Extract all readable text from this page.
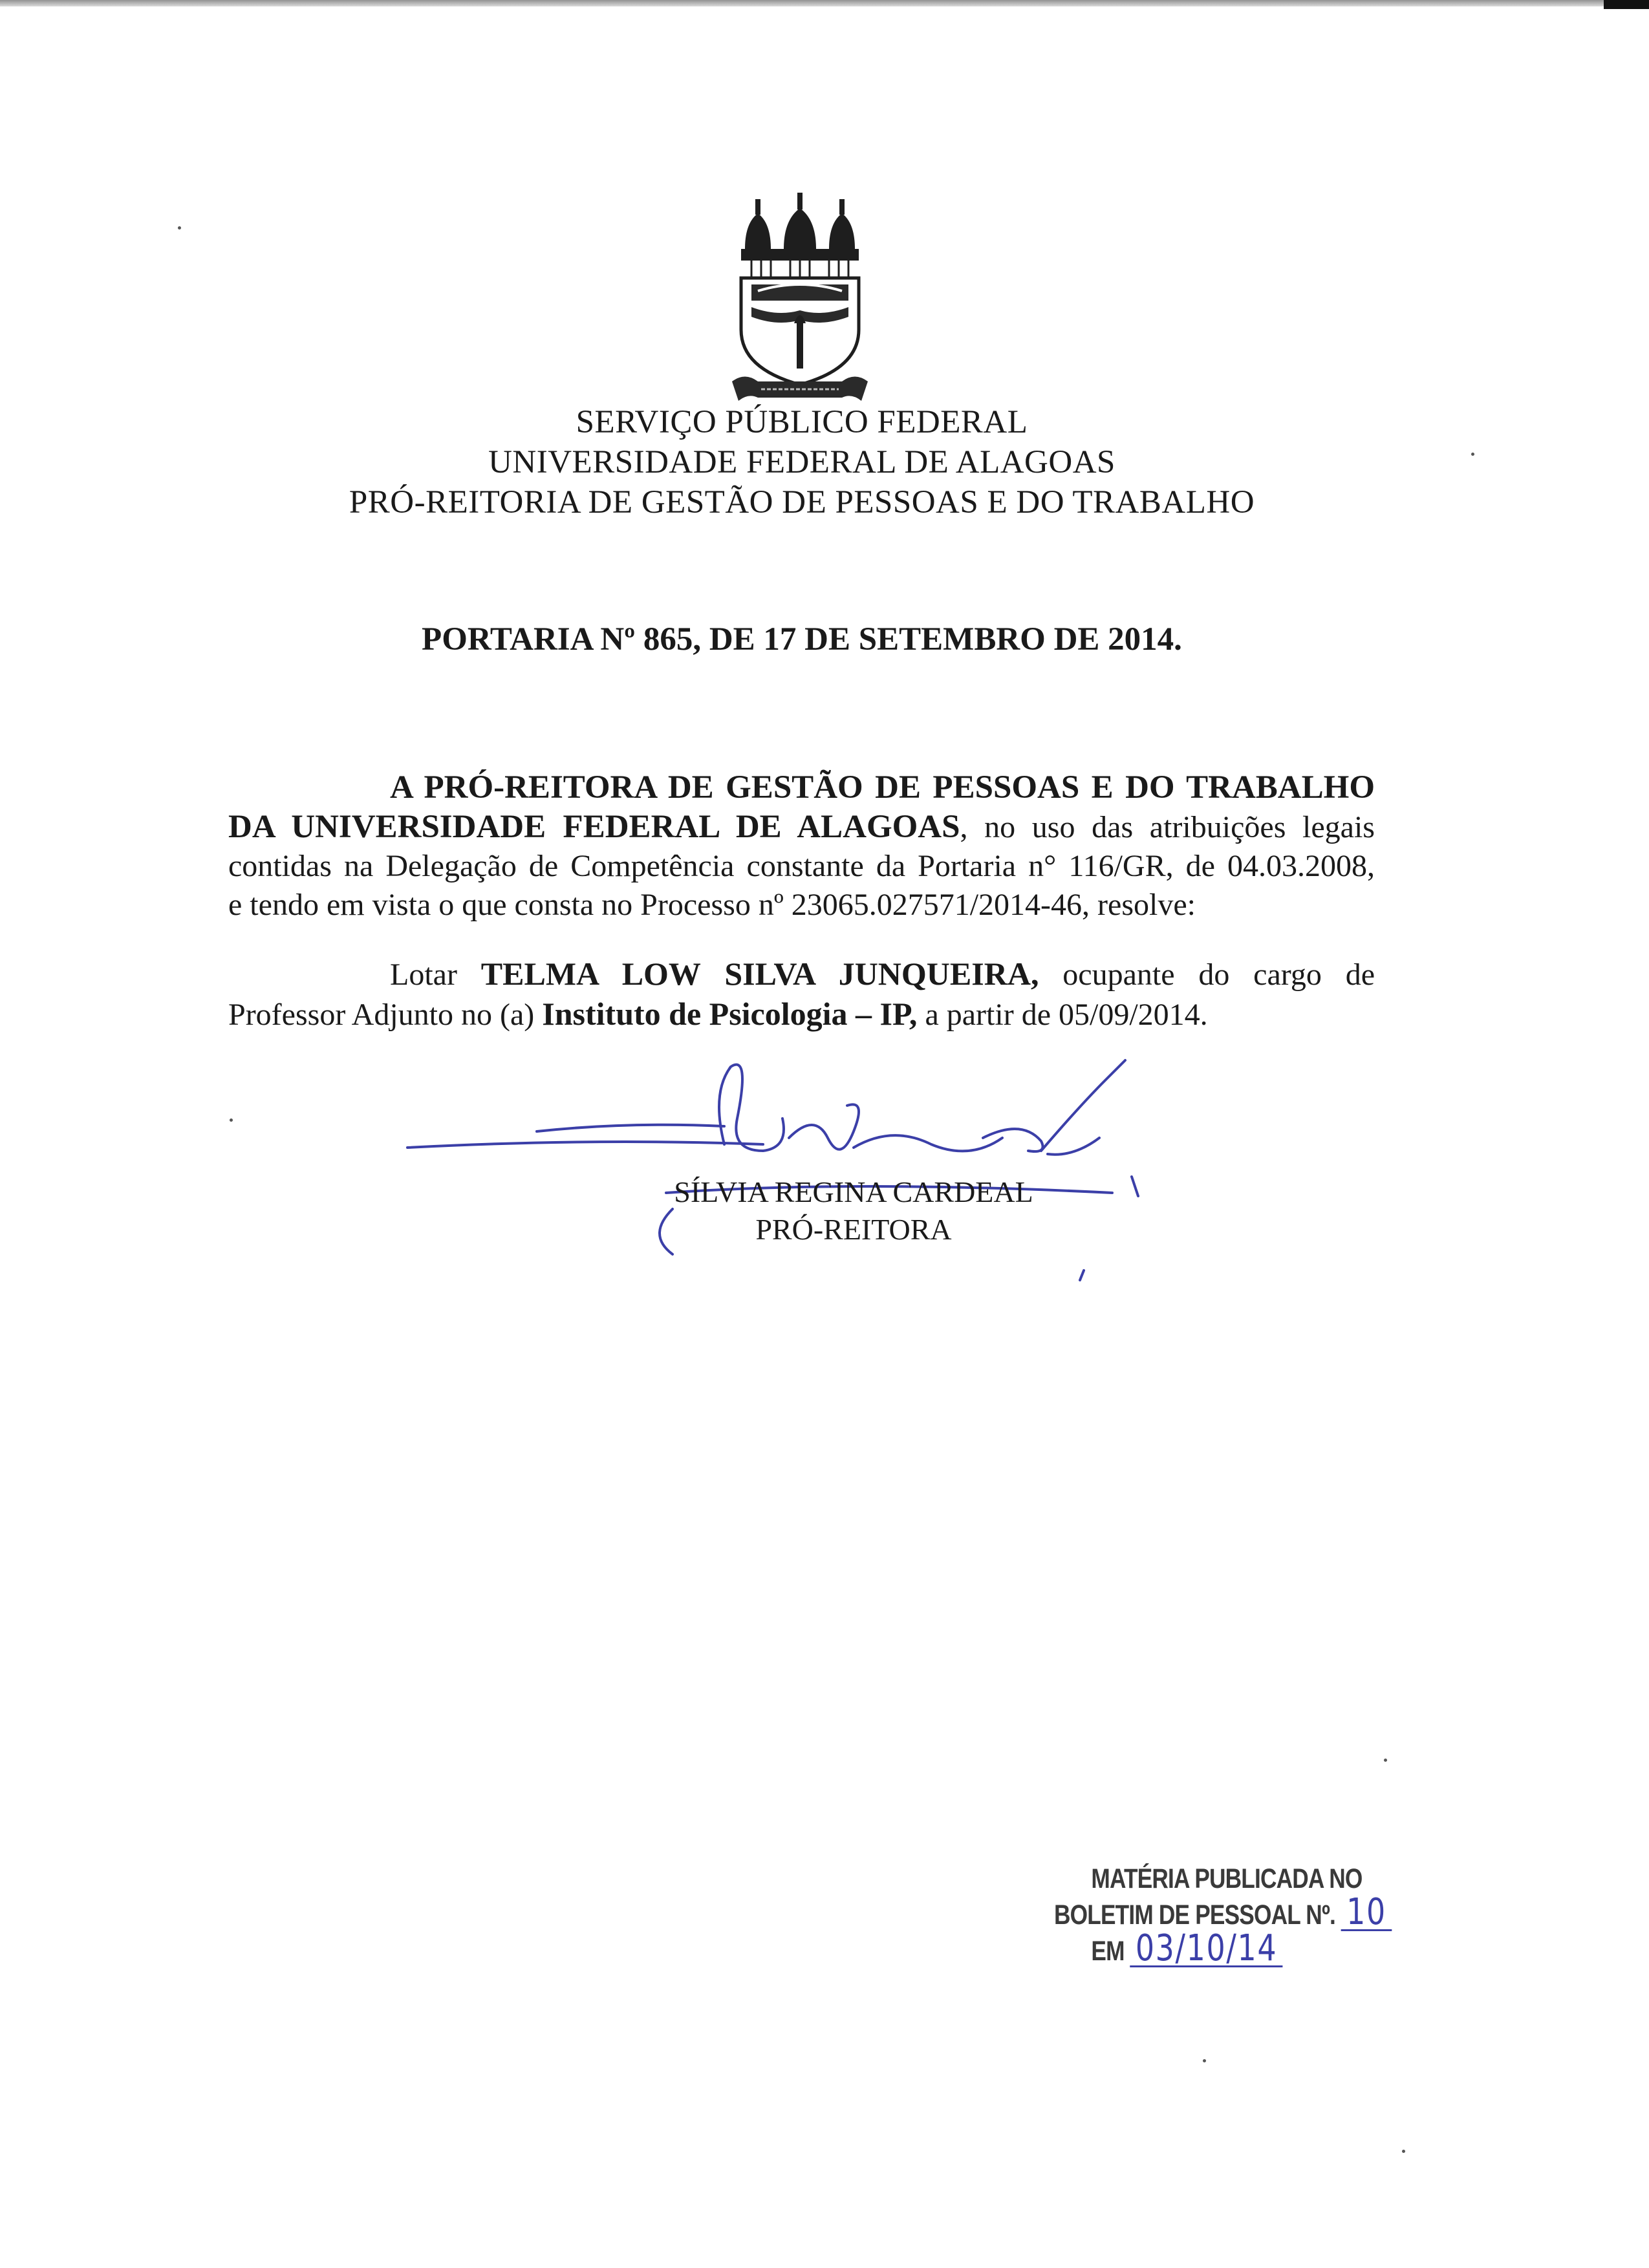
SERVIÇO PÚBLICO FEDERAL
UNIVERSIDADE FEDERAL DE ALAGOAS
PRÓ-REITORIA DE GESTÃO DE PESSOAS E DO TRABALHO
PORTARIA Nº 865, DE 17 DE SETEMBRO DE 2014.
A PRÓ-REITORA DE GESTÃO DE PESSOAS E DO TRABALHO
DA UNIVERSIDADE FEDERAL DE ALAGOAS, no uso das atribuições legais
contidas na Delegação de Competência constante da Portaria n° 116/GR, de 04.03.2008,
e tendo em vista o que consta no Processo nº 23065.027571/2014-46, resolve:
Lotar TELMA LOW SILVA JUNQUEIRA, ocupante do cargo de
Professor Adjunto no (a) Instituto de Psicologia – IP, a partir de 05/09/2014.
SÍLVIA REGINA CARDEAL
PRÓ-REITORA
MATÉRIA PUBLICADA NO
BOLETIM DE PESSOAL Nº. 10
EM 03/10/14
